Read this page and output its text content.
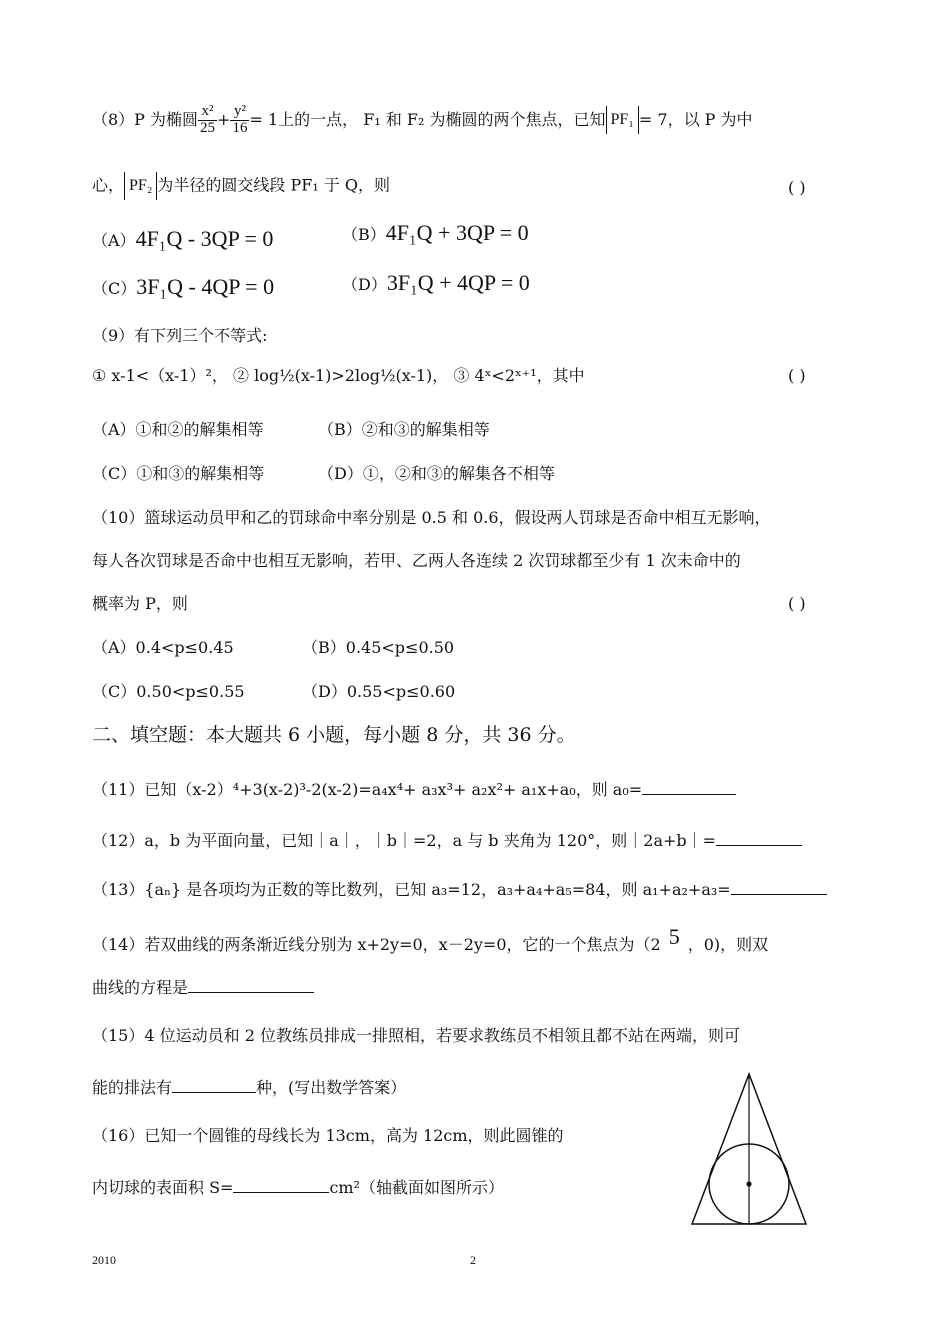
（8）P 为椭圆 $\frac{\text{x²}}{25} + \frac{\text{y²}}{16} = 1$上的一点， F₁ 和 F₂ 为椭圆的两个焦点，已知 PF₁ = 7，以 P 为中
心， PF₂ 为半径的圆交线段 PF₁ 于 Q，则	( )
（A）4F₁Q - 3QP = 0	（B）4F₁Q + 3QP = 0
（C）3F₁Q - 4QP = 0	（D）3F₁Q + 4QP = 0
（9）有下列三个不等式:
① x-1<（x-1）²， ② log½(x-1)>2log½(x-1)， ③ 4ˣ<2ˣ⁺¹，其中	( )
（A）①和②的解集相等	（B）②和③的解集相等
（C）①和③的解集相等	（D）①，②和③的解集各不相等
（10）篮球运动员甲和乙的罚球命中率分别是 0.5 和 0.6，假设两人罚球是否命中相互无影响，
每人各次罚球是否命中也相互无影响，若甲、乙两人各连续 2 次罚球都至少有 1 次未命中的
概率为 P，则	( )
（A）0.4<p≤0.45	（B）0.45<p≤0.50
（C）0.50<p≤0.55	（D）0.55<p≤0.60
二、填空题：本大题共 6 小题，每小题 8 分，共 36 分。
（11）已知（x-2）⁴+3(x-2)³-2(x-2)=a₄x⁴+ a₃x³+ a₂x²+ a₁x+a₀，则 a₀=
（12）a，b 为平面向量，已知｜a｜，｜b｜=2，a 与 b 夹角为 120°，则｜2a+b｜=
（13）{aₙ} 是各项均为正数的等比数列，已知 a₃=12，a₃+a₄+a₅=84，则 a₁+a₂+a₃=
（14）若双曲线的两条渐近线分别为 x+2y=0，x－2y=0，它的一个焦点为（2 5 ，0)，则双
曲线的方程是
（15）4 位运动员和 2 位教练员排成一排照相，若要求教练员不相领且都不站在两端，则可
能的排法有	种，(写出数学答案）
（16）已知一个圆锥的母线长为 13cm，高为 12cm，则此圆锥的
内切球的表面积 S=	cm²（轴截面如图所示）
2010	2
